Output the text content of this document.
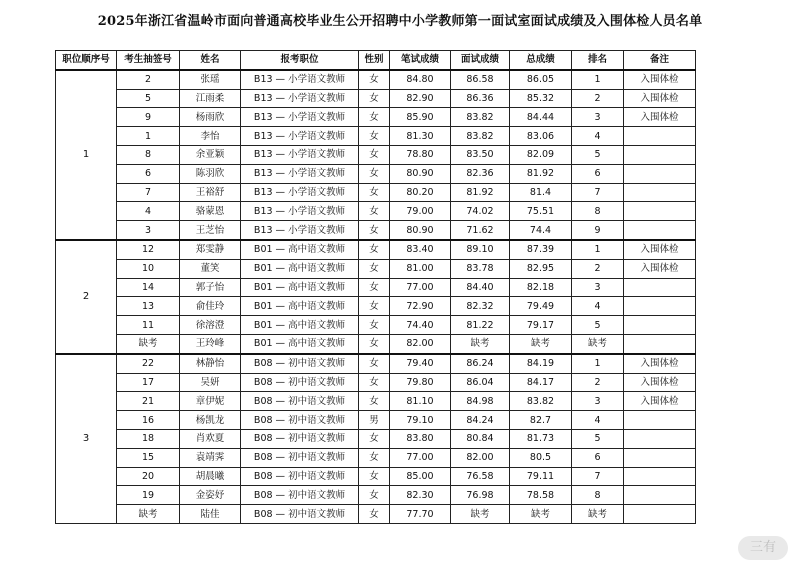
2025年浙江省温岭市面向普通高校毕业生公开招聘中小学教师第一面试室面试成绩及入围体检人员名单
职位顺序号	考生抽签号	姓名	报考职位	性别	笔试成绩	面试成绩	总成绩	排名	备注
1	2	张瑶	B13 — 小学语文教师	女	84.80	86.58	86.05	1	入围体检
	5	江雨柔	B13 — 小学语文教师	女	82.90	86.36	85.32	2	入围体检
	9	杨雨欣	B13 — 小学语文教师	女	85.90	83.82	84.44	3	入围体检
	1	李怡	B13 — 小学语文教师	女	81.30	83.82	83.06	4	
	8	余亚颖	B13 — 小学语文教师	女	78.80	83.50	82.09	5	
	6	陈羽欣	B13 — 小学语文教师	女	80.90	82.36	81.92	6	
	7	王裕舒	B13 — 小学语文教师	女	80.20	81.92	81.4	7	
	4	骆蒙恩	B13 — 小学语文教师	女	79.00	74.02	75.51	8	
	3	王芝怡	B13 — 小学语文教师	女	80.90	71.62	74.4	9	
2	12	郑雯静	B01 — 高中语文教师	女	83.40	89.10	87.39	1	入围体检
	10	董笑	B01 — 高中语文教师	女	81.00	83.78	82.95	2	入围体检
	14	郭子怡	B01 — 高中语文教师	女	77.00	84.40	82.18	3	
	13	俞佳玲	B01 — 高中语文教师	女	72.90	82.32	79.49	4	
	11	徐溶澄	B01 — 高中语文教师	女	74.40	81.22	79.17	5	
	缺考	王玲峰	B01 — 高中语文教师	女	82.00	缺考	缺考	缺考	
3	22	林静怡	B08 — 初中语文教师	女	79.40	86.24	84.19	1	入围体检
	17	吴妍	B08 — 初中语文教师	女	79.80	86.04	84.17	2	入围体检
	21	章伊妮	B08 — 初中语文教师	女	81.10	84.98	83.82	3	入围体检
	16	杨凯龙	B08 — 初中语文教师	男	79.10	84.24	82.7	4	
	18	肖欢夏	B08 — 初中语文教师	女	83.80	80.84	81.73	5	
	15	袁靖霁	B08 — 初中语文教师	女	77.00	82.00	80.5	6	
	20	胡晨曦	B08 — 初中语文教师	女	85.00	76.58	79.11	7	
	19	金姿妤	B08 — 初中语文教师	女	82.30	76.98	78.58	8	
	缺考	陆佳	B08 — 初中语文教师	女	77.70	缺考	缺考	缺考	
三有
